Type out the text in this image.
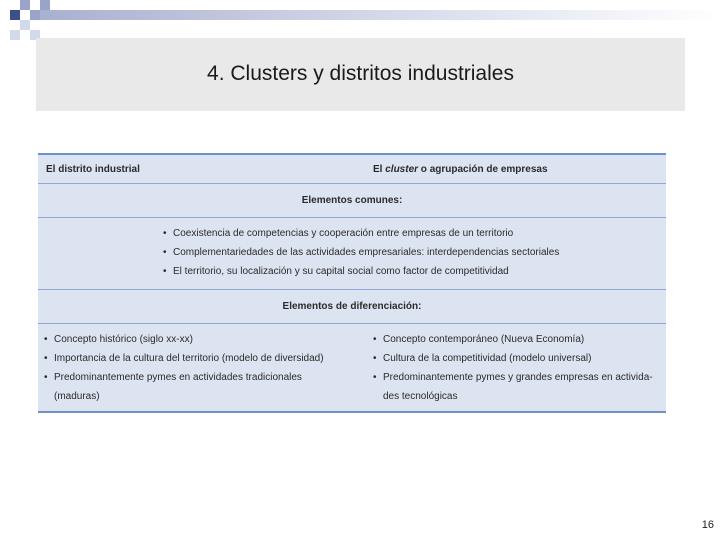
4. Clusters y distritos industriales
El distrito industrial	El cluster o agrupación de empresas
Elementos comunes:
• Coexistencia de competencias y cooperación entre empresas de un territorio
• Complementariedades de las actividades empresariales: interdependencias sectoriales
• El territorio, su localización y su capital social como factor de competitividad
Elementos de diferenciación:
• Concepto histórico (siglo xx-xx)
• Importancia de la cultura del territorio (modelo de diversidad)
• Predominantemente pymes en actividades tradicionales
(maduras)
• Concepto contemporáneo (Nueva Economía)
• Cultura de la competitividad (modelo universal)
• Predominantemente pymes y grandes empresas en activida-
des tecnológicas
16
